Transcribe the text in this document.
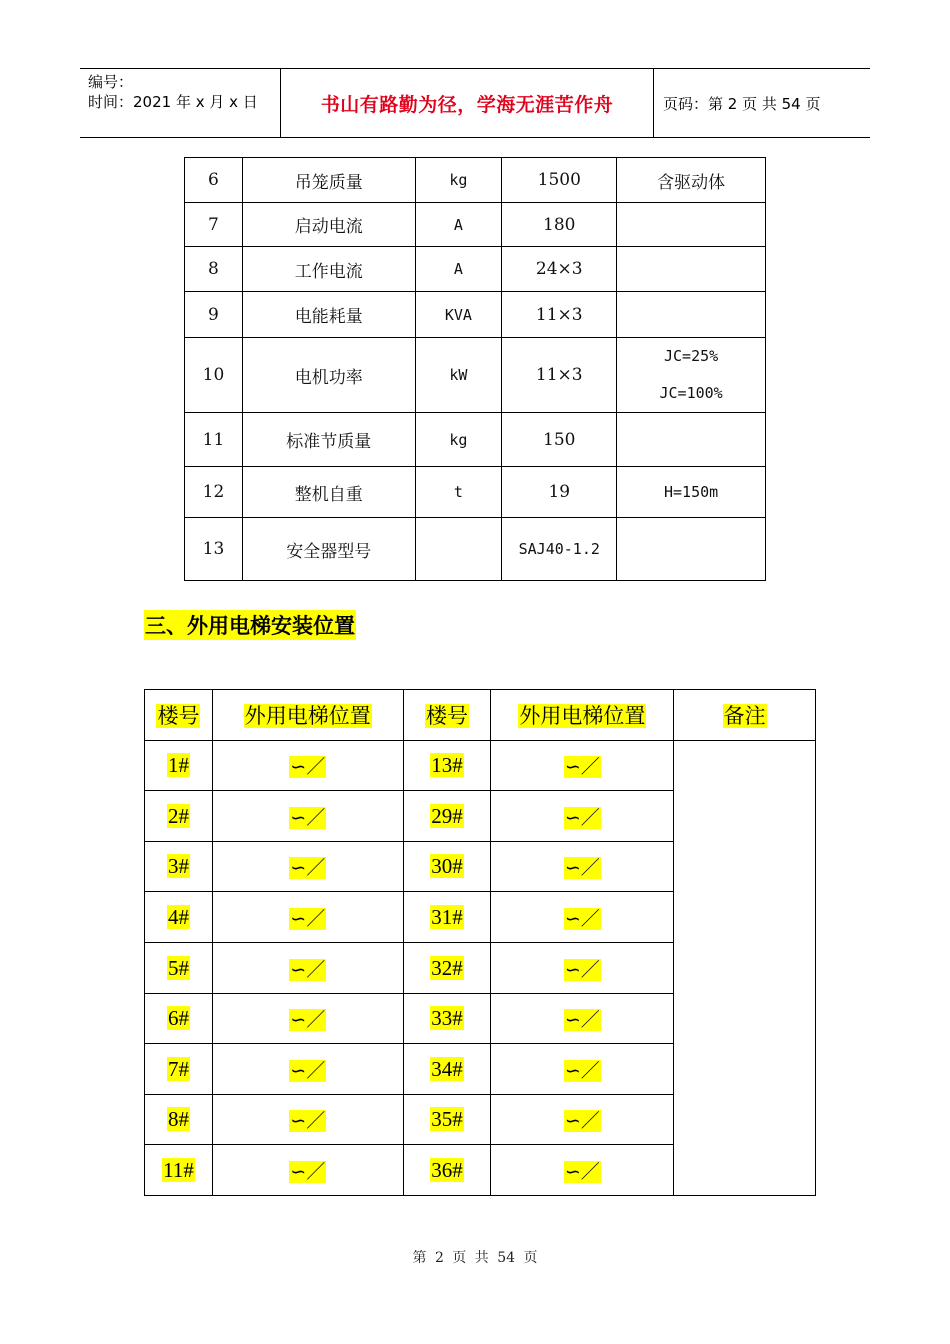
编号：
时间：2021 年 x 月 x 日	书山有路勤为径，学海无涯苦作舟	页码：第 2 页 共 54 页
6	吊笼质量	kg	1500	含驱动体
7	启动电流	A	180	
8	工作电流	A	24×3	
9	电能耗量	KVA	11×3	
10	电机功率	kW	11×3	JC=25%
JC=100%

11	标准节质量	kg	150	
12	整机自重	t	19	H=150m
13	安全器型号		SAJ40-1.2	
三、外用电梯安装位置
楼号	外用电梯位置	楼号	外用电梯位置	备注
1#	∽／	13#	∽／	
2#	∽／	29#	∽／	
3#	∽／	30#	∽／	
4#	∽／	31#	∽／	
5#	∽／	32#	∽／	
6#	∽／	33#	∽／	
7#	∽／	34#	∽／	
8#	∽／	35#	∽／	
11#	∽／	36#	∽／	
第 2 页 共 54 页
